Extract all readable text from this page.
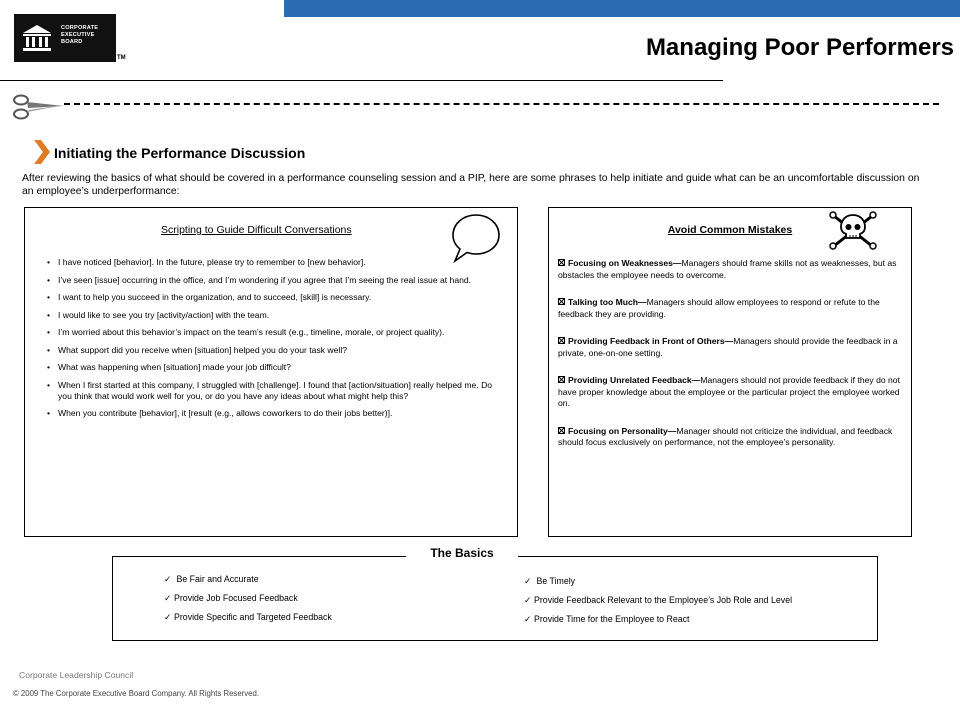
CORPORATE
EXECUTIVE
BOARD
TM	Managing Poor Performers
Initiating the Performance Discussion
After reviewing the basics of what should be covered in a performance counseling session and a PIP, here are some phrases to help initiate and guide what can be an uncomfortable discussion on an employee’s underperformance:
Scripting to Guide Difficult Conversations
• I have noticed [behavior]. In the future, please try to remember to [new behavior].
• I’ve seen [issue] occurring in the office, and I’m wondering if you agree that I’m seeing the real issue at hand.
• I want to help you succeed in the organization, and to succeed, [skill] is necessary.
• I would like to see you try [activity/action] with the team.
• I’m worried about this behavior’s impact on the team’s result (e.g., timeline, morale, or project quality).
• What support did you receive when [situation] helped you do your task well?
• What was happening when [situation] made your job difficult?
• When I first started at this company, I struggled with [challenge]. I found that [action/situation] really helped me. Do you think that would work well for you, or do you have any ideas about what might help this?
• When you contribute [behavior], it [result (e.g., allows coworkers to do their jobs better)].
Avoid Common Mistakes
Focusing on Weaknesses—Managers should frame skills not as weaknesses, but as obstacles the employee needs to overcome.
Talking too Much—Managers should allow employees to respond or refute to the feedback they are providing.
Providing Feedback in Front of Others—Managers should provide the feedback in a private, one-on-one setting.
Providing Unrelated Feedback—Managers should not provide feedback if they do not have proper knowledge about the employee or the particular project the employee worked on.
Focusing on Personality—Manager should not criticize the individual, and feedback should focus exclusively on performance, not the employee’s personality.
The Basics
✓ Be Fair and Accurate
✓ Provide Job Focused Feedback
✓ Provide Specific and Targeted Feedback
✓ Be Timely
✓ Provide Feedback Relevant to the Employee’s Job Role and Level
✓ Provide Time for the Employee to React
Corporate Leadership Council
© 2009 The Corporate Executive Board Company. All Rights Reserved.
